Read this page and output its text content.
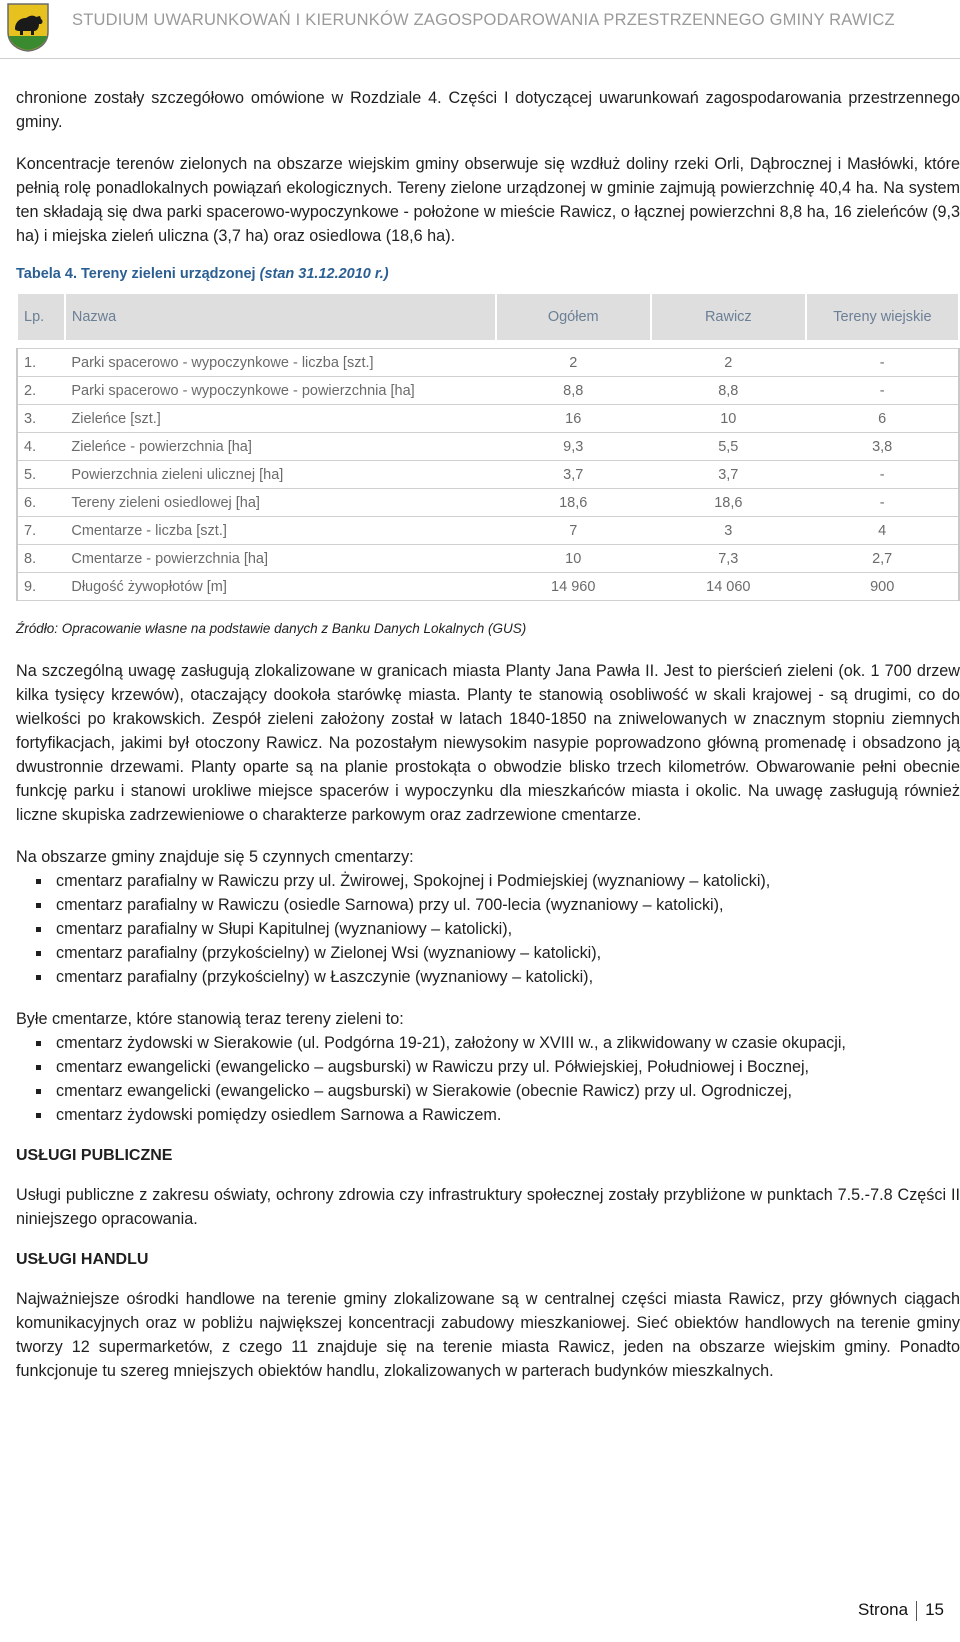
STUDIUM UWARUNKOWAŃ I KIERUNKÓW ZAGOSPODAROWANIA PRZESTRZENNEGO GMINY RAWICZ

chronione zostały szczegółowo omówione w Rozdziale 4. Części I dotyczącej uwarunkowań zagospodarowania przestrzennego gminy.

Koncentracje terenów zielonych na obszarze wiejskim gminy obserwuje się wzdłuż doliny rzeki Orli, Dąbrocznej i Masłówki, które pełnią rolę ponadlokalnych powiązań ekologicznych. Tereny zielone urządzonej w gminie zajmują powierzchnię 40,4 ha. Na system ten składają się dwa parki spacerowo-wypoczynkowe - położone w mieście Rawicz, o łącznej powierzchni 8,8 ha, 16 zieleńców (9,3 ha) i miejska zieleń uliczna (3,7 ha) oraz osiedlowa (18,6 ha).

Tabela 4. Tereny zieleni urządzonej (stan 31.12.2010 r.)
Lp.	Nazwa	Ogółem	Rawicz	Tereny wiejskie

1.	Parki spacerowo - wypoczynkowe - liczba [szt.]	2	2	-
2.	Parki spacerowo - wypoczynkowe - powierzchnia [ha]	8,8	8,8	-
3.	Zieleńce [szt.]	16	10	6
4.	Zieleńce - powierzchnia [ha]	9,3	5,5	3,8
5.	Powierzchnia zieleni ulicznej [ha]	3,7	3,7	-
6.	Tereny zieleni osiedlowej [ha]	18,6	18,6	-
7.	Cmentarze - liczba [szt.]	7	3	4
8.	Cmentarze - powierzchnia [ha]	10	7,3	2,7
9.	Długość żywopłotów [m]	14 960	14 060	900

Źródło: Opracowanie własne na podstawie danych z Banku Danych Lokalnych (GUS)

Na szczególną uwagę zasługują zlokalizowane w granicach miasta Planty Jana Pawła II. Jest to pierścień zieleni (ok. 1 700 drzew kilka tysięcy krzewów), otaczający dookoła starówkę miasta. Planty te stanowią osobliwość w skali krajowej - są drugimi, co do wielkości po krakowskich. Zespół zieleni założony został w latach 1840-1850 na zniwelowanych w znacznym stopniu ziemnych fortyfikacjach, jakimi był otoczony Rawicz. Na pozostałym niewysokim nasypie poprowadzono główną promenadę i obsadzono ją dwustronnie drzewami. Planty oparte są na planie prostokąta o obwodzie blisko trzech kilometrów. Obwarowanie pełni obecnie funkcję parku i stanowi urokliwe miejsce spacerów i wypoczynku dla mieszkańców miasta i okolic. Na uwagę zasługują również liczne skupiska zadrzewieniowe o charakterze parkowym oraz zadrzewione cmentarze.

Na obszarze gminy znajduje się 5 czynnych cmentarzy:

cmentarz parafialny w Rawiczu przy ul. Żwirowej, Spokojnej i Podmiejskiej (wyznaniowy – katolicki),
cmentarz parafialny w Rawiczu (osiedle Sarnowa) przy ul. 700-lecia (wyznaniowy – katolicki),
cmentarz parafialny w Słupi Kapitulnej (wyznaniowy – katolicki),
cmentarz parafialny (przykościelny) w Zielonej Wsi (wyznaniowy – katolicki),
cmentarz parafialny (przykościelny) w Łaszczynie (wyznaniowy – katolicki),

Byłe cmentarze, które stanowią teraz tereny zieleni to:

cmentarz żydowski w Sierakowie (ul. Podgórna 19-21), założony w XVIII w., a zlikwidowany w czasie okupacji,
cmentarz ewangelicki (ewangelicko – augsburski) w Rawiczu przy ul. Półwiejskiej, Południowej i Bocznej,
cmentarz ewangelicki (ewangelicko – augsburski) w Sierakowie (obecnie Rawicz) przy ul. Ogrodniczej,
cmentarz żydowski pomiędzy osiedlem Sarnowa a Rawiczem.
USŁUGI PUBLICZNE

Usługi publiczne z zakresu oświaty, ochrony zdrowia czy infrastruktury społecznej zostały przybliżone w punktach 7.5.-7.8 Części II niniejszego opracowania.

USŁUGI HANDLU

Najważniejsze ośrodki handlowe na terenie gminy zlokalizowane są w centralnej części miasta Rawicz, przy głównych ciągach komunikacyjnych oraz w pobliżu największej koncentracji zabudowy mieszkaniowej. Sieć obiektów handlowych na terenie gminy tworzy 12 supermarketów, z czego 11 znajduje się na terenie miasta Rawicz, jeden na obszarze wiejskim gminy. Ponadto funkcjonuje tu szereg mniejszych obiektów handlu, zlokalizowanych w parterach budynków mieszkalnych.

Strona 15
